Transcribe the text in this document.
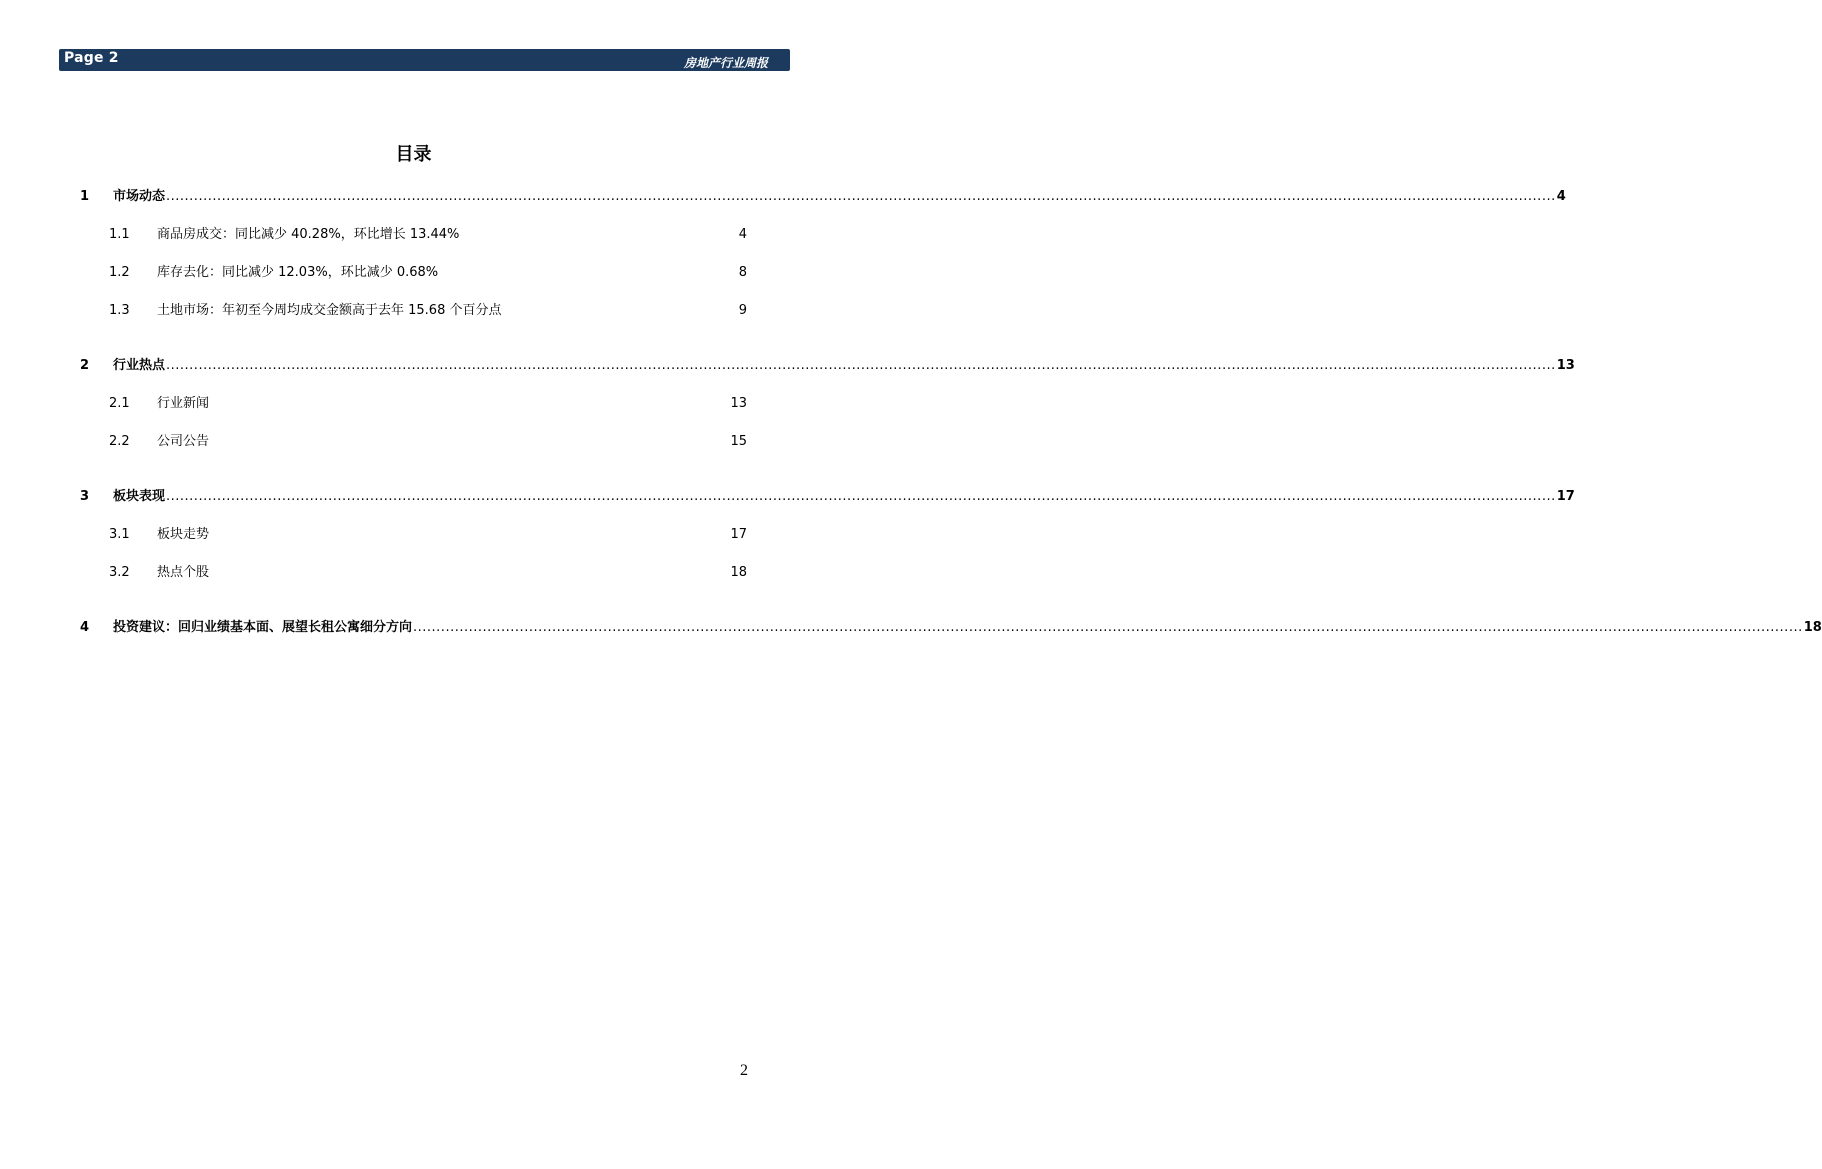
Page 2	房地产行业周报
目录
1 市场动态 ............................................................................................................................................................................................................................................................................................................ 4
1.1 商品房成交：同比减少 40.28%，环比增长 13.44%	4
1.2 库存去化：同比减少 12.03%，环比减少 0.68%	8
1.3 土地市场：年初至今周均成交金额高于去年 15.68 个百分点	9
2 行业热点 ............................................................................................................................................................................................................................................................................................................ 13
2.1 行业新闻	13
2.2 公司公告	15
3 板块表现 ............................................................................................................................................................................................................................................................................................................ 17
3.1 板块走势	17
3.2 热点个股	18
4 投资建议：回归业绩基本面、展望长租公寓细分方向 ............................................................................................................................................................................................................................................................................................................ 18
2
